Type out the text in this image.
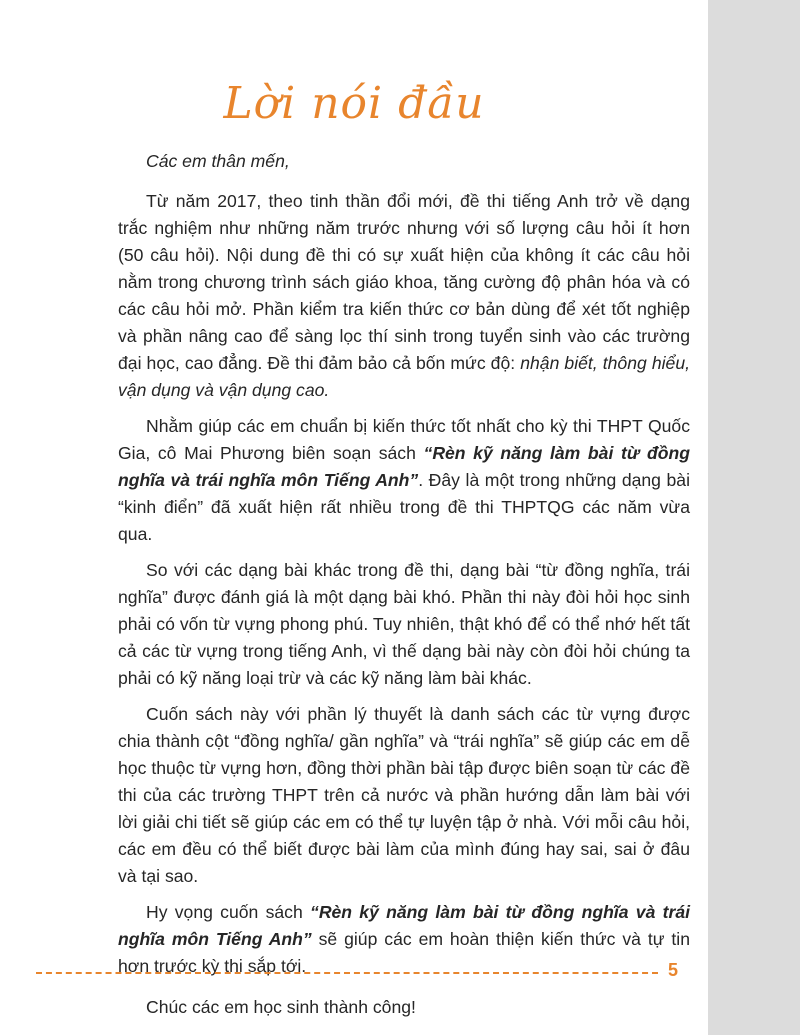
Lời nói đầu

Các em thân mến,

Từ năm 2017, theo tinh thần đổi mới, đề thi tiếng Anh trở về dạng trắc nghiệm như những năm trước nhưng với số lượng câu hỏi ít hơn (50 câu hỏi). Nội dung đề thi có sự xuất hiện của không ít các câu hỏi nằm trong chương trình sách giáo khoa, tăng cường độ phân hóa và có các câu hỏi mở. Phần kiểm tra kiến thức cơ bản dùng để xét tốt nghiệp và phần nâng cao để sàng lọc thí sinh trong tuyển sinh vào các trường đại học, cao đẳng. Đề thi đảm bảo cả bốn mức độ: nhận biết, thông hiểu, vận dụng và vận dụng cao.

Nhằm giúp các em chuẩn bị kiến thức tốt nhất cho kỳ thi THPT Quốc Gia, cô Mai Phương biên soạn sách “Rèn kỹ năng làm bài từ đồng nghĩa và trái nghĩa môn Tiếng Anh”. Đây là một trong những dạng bài “kinh điển” đã xuất hiện rất nhiều trong đề thi THPTQG các năm vừa qua.

So với các dạng bài khác trong đề thi, dạng bài “từ đồng nghĩa, trái nghĩa” được đánh giá là một dạng bài khó. Phần thi này đòi hỏi học sinh phải có vốn từ vựng phong phú. Tuy nhiên, thật khó để có thể nhớ hết tất cả các từ vựng trong tiếng Anh, vì thế dạng bài này còn đòi hỏi chúng ta phải có kỹ năng loại trừ và các kỹ năng làm bài khác.

Cuốn sách này với phần lý thuyết là danh sách các từ vựng được chia thành cột “đồng nghĩa/ gần nghĩa” và “trái nghĩa” sẽ giúp các em dễ học thuộc từ vựng hơn, đồng thời phần bài tập được biên soạn từ các đề thi của các trường THPT trên cả nước và phần hướng dẫn làm bài với lời giải chi tiết sẽ giúp các em có thể tự luyện tập ở nhà. Với mỗi câu hỏi, các em đều có thể biết được bài làm của mình đúng hay sai, sai ở đâu và tại sao.

Hy vọng cuốn sách “Rèn kỹ năng làm bài từ đồng nghĩa và trái nghĩa môn Tiếng Anh” sẽ giúp các em hoàn thiện kiến thức và tự tin hơn trước kỳ thi sắp tới.

Chúc các em học sinh thành công!

5
